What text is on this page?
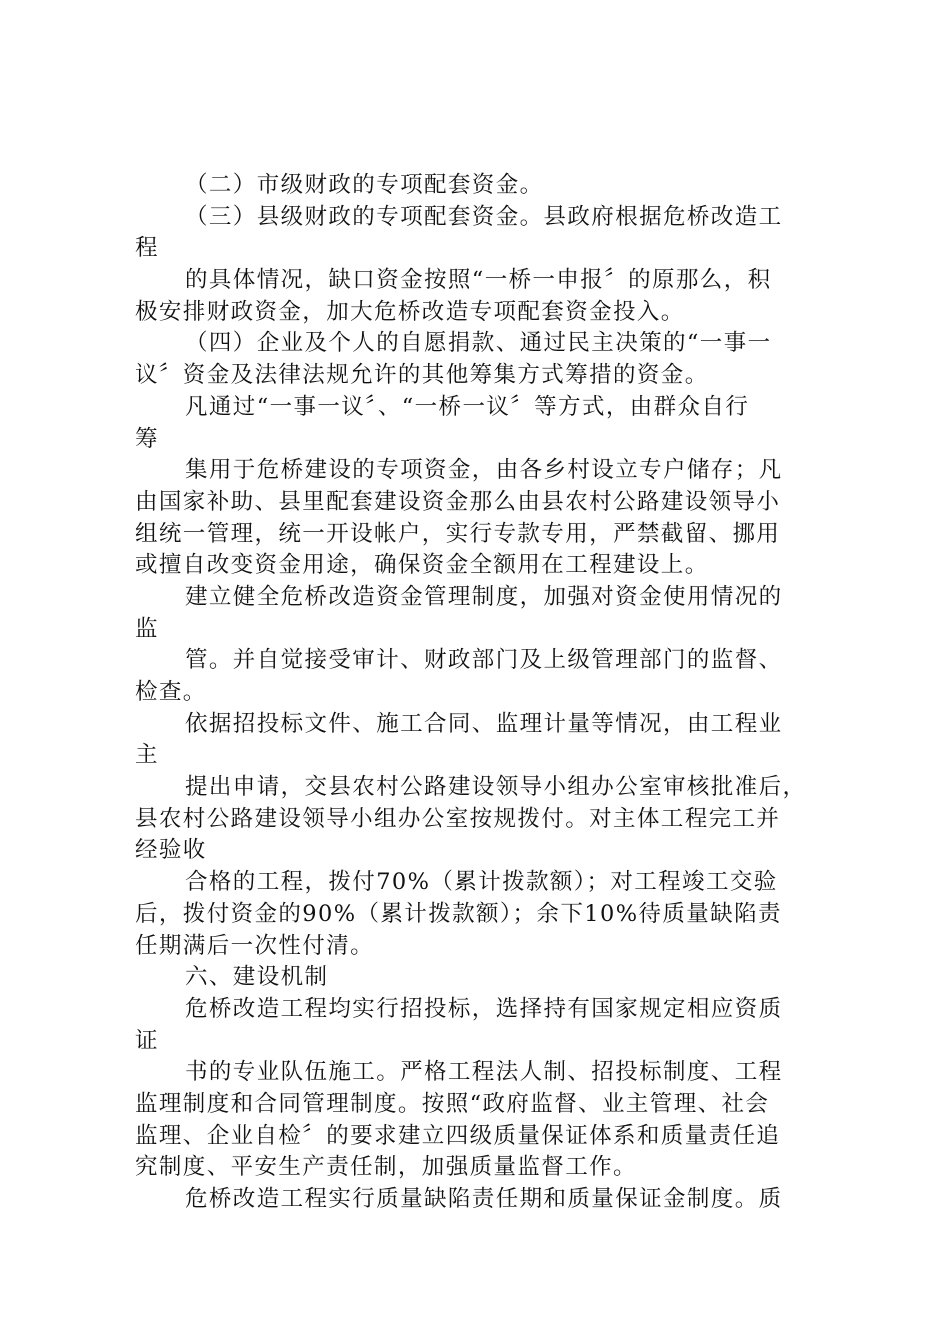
（二）市级财政的专项配套资金。
（三）县级财政的专项配套资金。县政府根据危桥改造工
程
的具体情况，缺口资金按照“一桥一申报〞的原那么，积
极安排财政资金，加大危桥改造专项配套资金投入。
（四）企业及个人的自愿捐款、通过民主决策的“一事一
议〞资金及法律法规允许的其他筹集方式筹措的资金。
凡通过“一事一议〞、“一桥一议〞等方式，由群众自行
筹
集用于危桥建设的专项资金，由各乡村设立专户储存；凡
由国家补助、县里配套建设资金那么由县农村公路建设领导小
组统一管理，统一开设帐户，实行专款专用，严禁截留、挪用
或擅自改变资金用途，确保资金全额用在工程建设上。
建立健全危桥改造资金管理制度，加强对资金使用情况的
监
管。并自觉接受审计、财政部门及上级管理部门的监督、
检查。
依据招投标文件、施工合同、监理计量等情况，由工程业
主
提出申请，交县农村公路建设领导小组办公室审核批准后，
县农村公路建设领导小组办公室按规拨付。对主体工程完工并
经验收
合格的工程，拨付70%（累计拨款额）；对工程竣工交验
后，拨付资金的90%（累计拨款额）；余下10%待质量缺陷责
任期满后一次性付清。
六、建设机制
危桥改造工程均实行招投标，选择持有国家规定相应资质
证
书的专业队伍施工。严格工程法人制、招投标制度、工程
监理制度和合同管理制度。按照“政府监督、业主管理、社会
监理、企业自检〞的要求建立四级质量保证体系和质量责任追
究制度、平安生产责任制，加强质量监督工作。
危桥改造工程实行质量缺陷责任期和质量保证金制度。质
